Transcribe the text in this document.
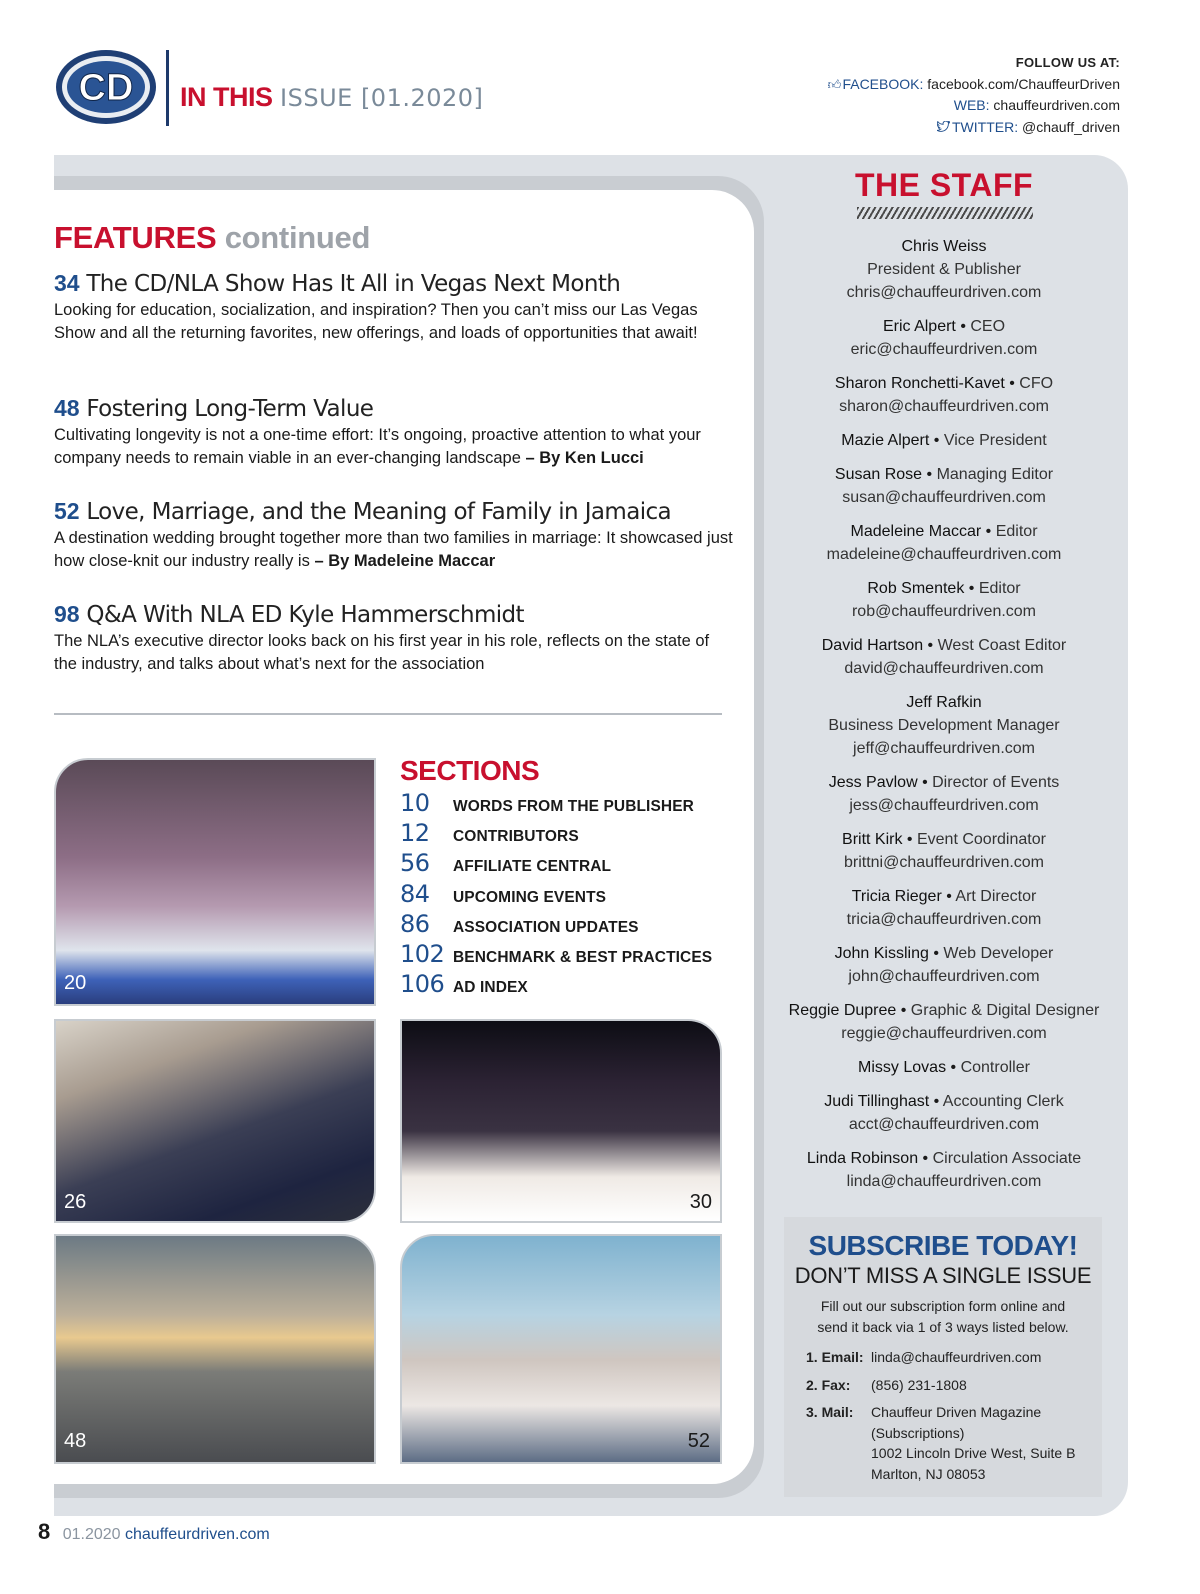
CD IN THIS ISSUE [01.2020]
FOLLOW US AT:
👍︎FACEBOOK: facebook.com/ChauffeurDriven
WEB: chauffeurdriven.com
TWITTER: @chauff_driven
FEATURES continued
34 The CD/NLA Show Has It All in Vegas Next Month
Looking for education, socialization, and inspiration? Then you can’t miss our Las Vegas Show and all the returning favorites, new offerings, and loads of opportunities that await!
48 Fostering Long-Term Value
Cultivating longevity is not a one-time effort: It’s ongoing, proactive attention to what your company needs to remain viable in an ever-changing landscape – By Ken Lucci
52 Love, Marriage, and the Meaning of Family in Jamaica
A destination wedding brought together more than two families in marriage: It showcased just how close-knit our industry really is – By Madeleine Maccar
98 Q&A With NLA ED Kyle Hammerschmidt
The NLA’s executive director looks back on his first year in his role, reflects on the state of the industry, and talks about what’s next for the association
20
26	30
48	52
SECTIONS
10	WORDS FROM THE PUBLISHER
12	CONTRIBUTORS
56	AFFILIATE CENTRAL
84	UPCOMING EVENTS
86	ASSOCIATION UPDATES
102 BENCHMARK & BEST PRACTICES
106 AD INDEX
THE STAFF
Chris Weiss
President & Publisher
chris@chauffeurdriven.com
Eric Alpert • CEO
eric@chauffeurdriven.com
Sharon Ronchetti-Kavet • CFO
sharon@chauffeurdriven.com
Mazie Alpert • Vice President
Susan Rose • Managing Editor
susan@chauffeurdriven.com
Madeleine Maccar • Editor
madeleine@chauffeurdriven.com
Rob Smentek • Editor
rob@chauffeurdriven.com
David Hartson • West Coast Editor
david@chauffeurdriven.com
Jeff Rafkin
Business Development Manager
jeff@chauffeurdriven.com
Jess Pavlow • Director of Events
jess@chauffeurdriven.com
Britt Kirk • Event Coordinator
brittni@chauffeurdriven.com
Tricia Rieger • Art Director
tricia@chauffeurdriven.com
John Kissling • Web Developer
john@chauffeurdriven.com
Reggie Dupree • Graphic & Digital Designer
reggie@chauffeurdriven.com
Missy Lovas • Controller
Judi Tillinghast • Accounting Clerk
acct@chauffeurdriven.com
Linda Robinson • Circulation Associate
linda@chauffeurdriven.com
SUBSCRIBE TODAY!
DON’T MISS A SINGLE ISSUE
Fill out our subscription form online and send it back via 1 of 3 ways listed below.
1. Email: linda@chauffeurdriven.com
2. Fax:	(856) 231-1808
3. Mail:	Chauffeur Driven Magazine
(Subscriptions)
1002 Lincoln Drive West, Suite B
Marlton, NJ 08053
8 01.2020 chauffeurdriven.com
